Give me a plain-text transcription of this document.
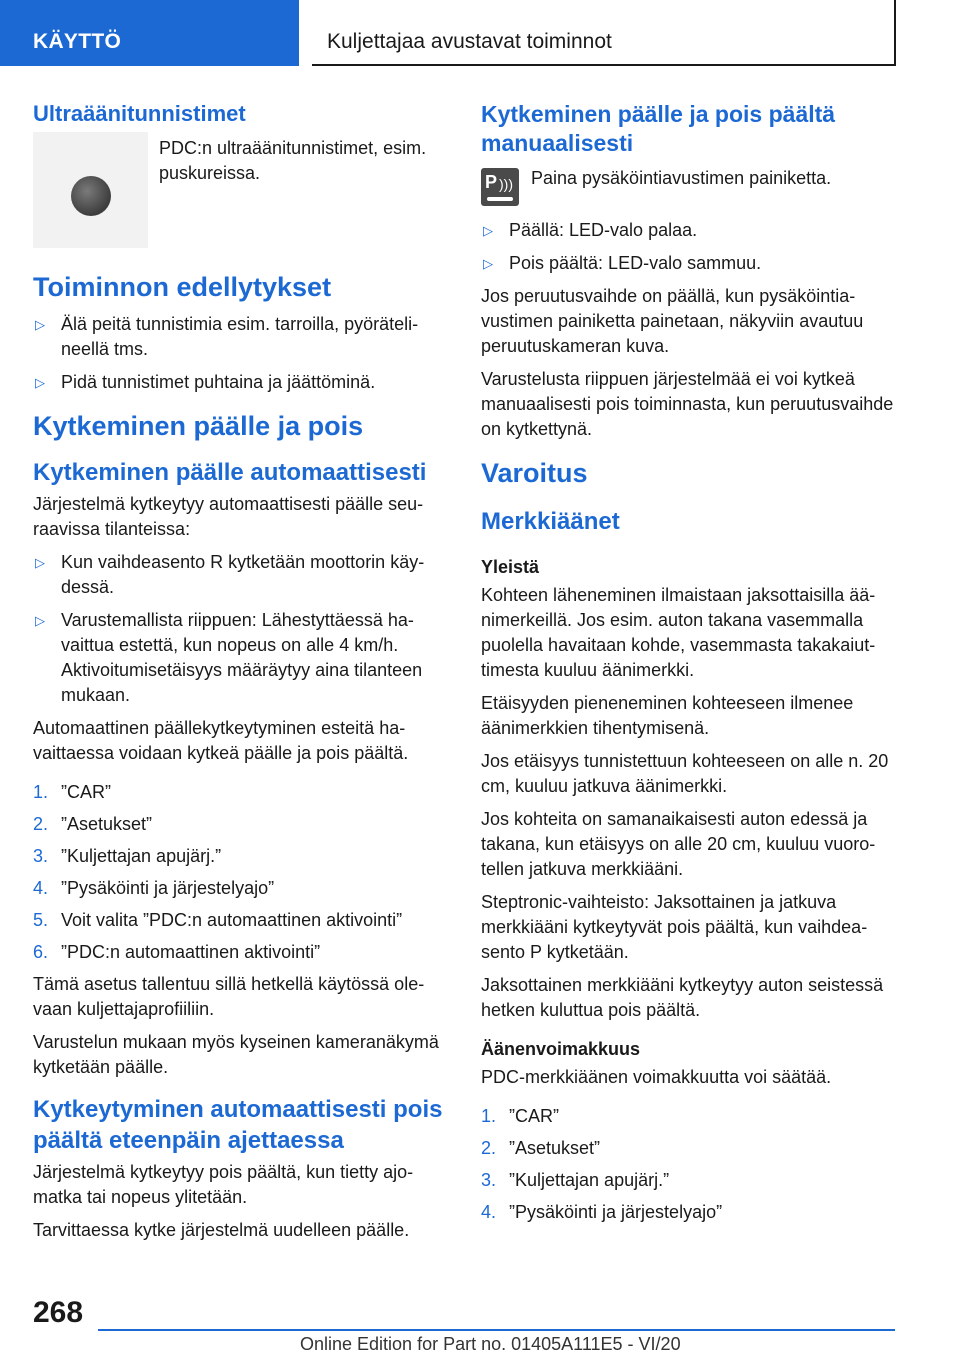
KÄYTTÖ	Kuljettajaa avustavat toiminnot
Ultraäänitunnistimet

PDC:n ultraäänitunnistimet, esim. puskureissa.

Toiminnon edellytykset
▷ Älä peitä tunnistimia esim. tarroilla, pyörätelineellä tms.
▷ Pidä tunnistimet puhtaina ja jäättöminä.
Kytkeminen päälle ja pois
Kytkeminen päälle automaattisesti

Järjestelmä kytkeytyy automaattisesti päälle seuraavissa tilanteissa:

▷ Kun vaihdeasento R kytketään moottorin käydessä.
▷ Varustemallista riippuen: Lähestyttäessä havaittua estettä, kun nopeus on alle 4 km/h. Aktivoitumisetäisyys määräytyy aina tilanteen mukaan.

Automaattinen päällekytkeytyminen esteitä havaittaessa voidaan kytkeä päälle ja pois päältä.

1. ”CAR”
2. ”Asetukset”
3. ”Kuljettajan apujärj.”
4. ”Pysäköinti ja järjestelyajo”
5. Voit valita ”PDC:n automaattinen aktivointi”
6. ”PDC:n automaattinen aktivointi”

Tämä asetus tallentuu sillä hetkellä käytössä olevaan kuljettajaprofiiliin.

Varustelun mukaan myös kyseinen kameranäkymä kytketään päälle.

Kytkeytyminen automaattisesti pois päältä eteenpäin ajettaessa

Järjestelmä kytkeytyy pois päältä, kun tietty ajomatka tai nopeus ylitetään.

Tarvittaessa kytke järjestelmä uudelleen päälle.

Kytkeminen päälle ja pois päältä manuaalisesti
P ))) Paina pysäköintiavustimen painiketta.

▷ Päällä: LED-valo palaa.
▷ Pois päältä: LED-valo sammuu.

Jos peruutusvaihde on päällä, kun pysäköintiavustimen painiketta painetaan, näkyviin avautuu peruutuskameran kuva.

Varustelusta riippuen järjestelmää ei voi kytkeä manuaalisesti pois toiminnasta, kun peruutusvaihde on kytkettynä.

Varoitus
Merkkiäänet
Yleistä

Kohteen läheneminen ilmaistaan jaksottaisilla äänimerkeillä. Jos esim. auton takana vasemmalla puolella havaitaan kohde, vasemmasta takakaiuttimesta kuuluu äänimerkki.

Etäisyyden pieneneminen kohteeseen ilmenee äänimerkkien tihentymisenä.

Jos etäisyys tunnistettuun kohteeseen on alle n. 20 cm, kuuluu jatkuva äänimerkki.

Jos kohteita on samanaikaisesti auton edessä ja takana, kun etäisyys on alle 20 cm, kuuluu vuorotellen jatkuva merkkiääni.

Steptronic-vaihteisto: Jaksottainen ja jatkuva merkkiääni kytkeytyvät pois päältä, kun vaihdeasento P kytketään.

Jaksottainen merkkiääni kytkeytyy auton seistessä hetken kuluttua pois päältä.

Äänenvoimakkuus

PDC-merkkiäänen voimakkuutta voi säätää.

1. ”CAR”
2. ”Asetukset”
3. ”Kuljettajan apujärj.”
4. ”Pysäköinti ja järjestelyajo”
268
Online Edition for Part no. 01405A111E5 - VI/20
